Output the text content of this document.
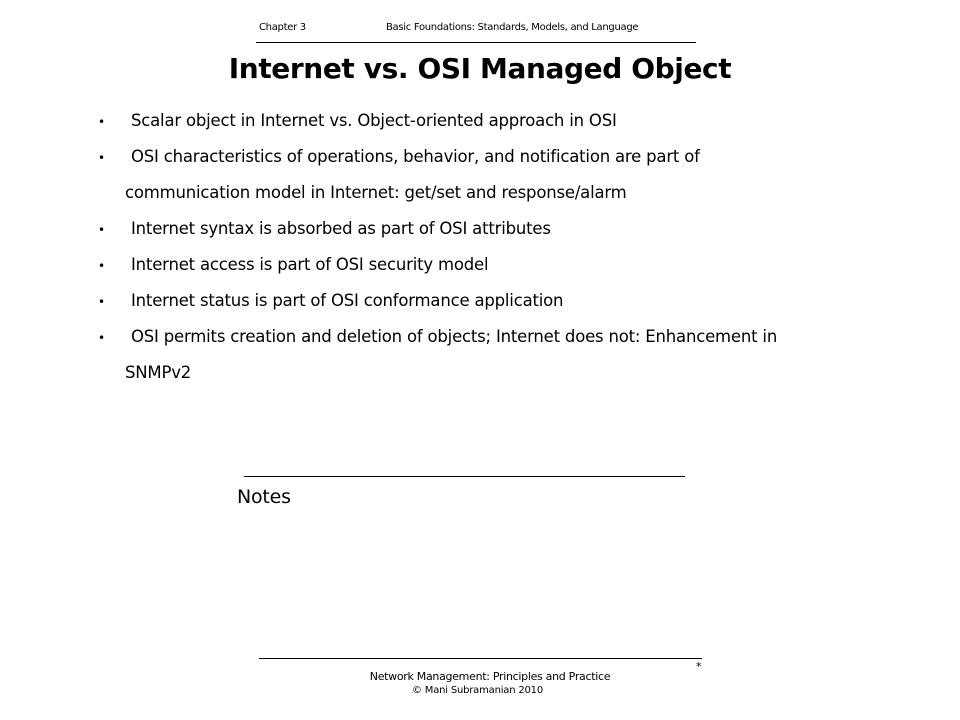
Chapter 3	Basic Foundations: Standards, Models, and Language
Internet vs. OSI Managed Object
• Scalar object in Internet vs. Object-oriented approach in OSI
• OSI characteristics of operations, behavior, and notification are part of
communication model in Internet: get/set and response/alarm
• Internet syntax is absorbed as part of OSI attributes
• Internet access is part of OSI security model
• Internet status is part of OSI conformance application
• OSI permits creation and deletion of objects; Internet does not: Enhancement in
SNMPv2
Notes
*
Network Management: Principles and Practice
© Mani Subramanian 2010
